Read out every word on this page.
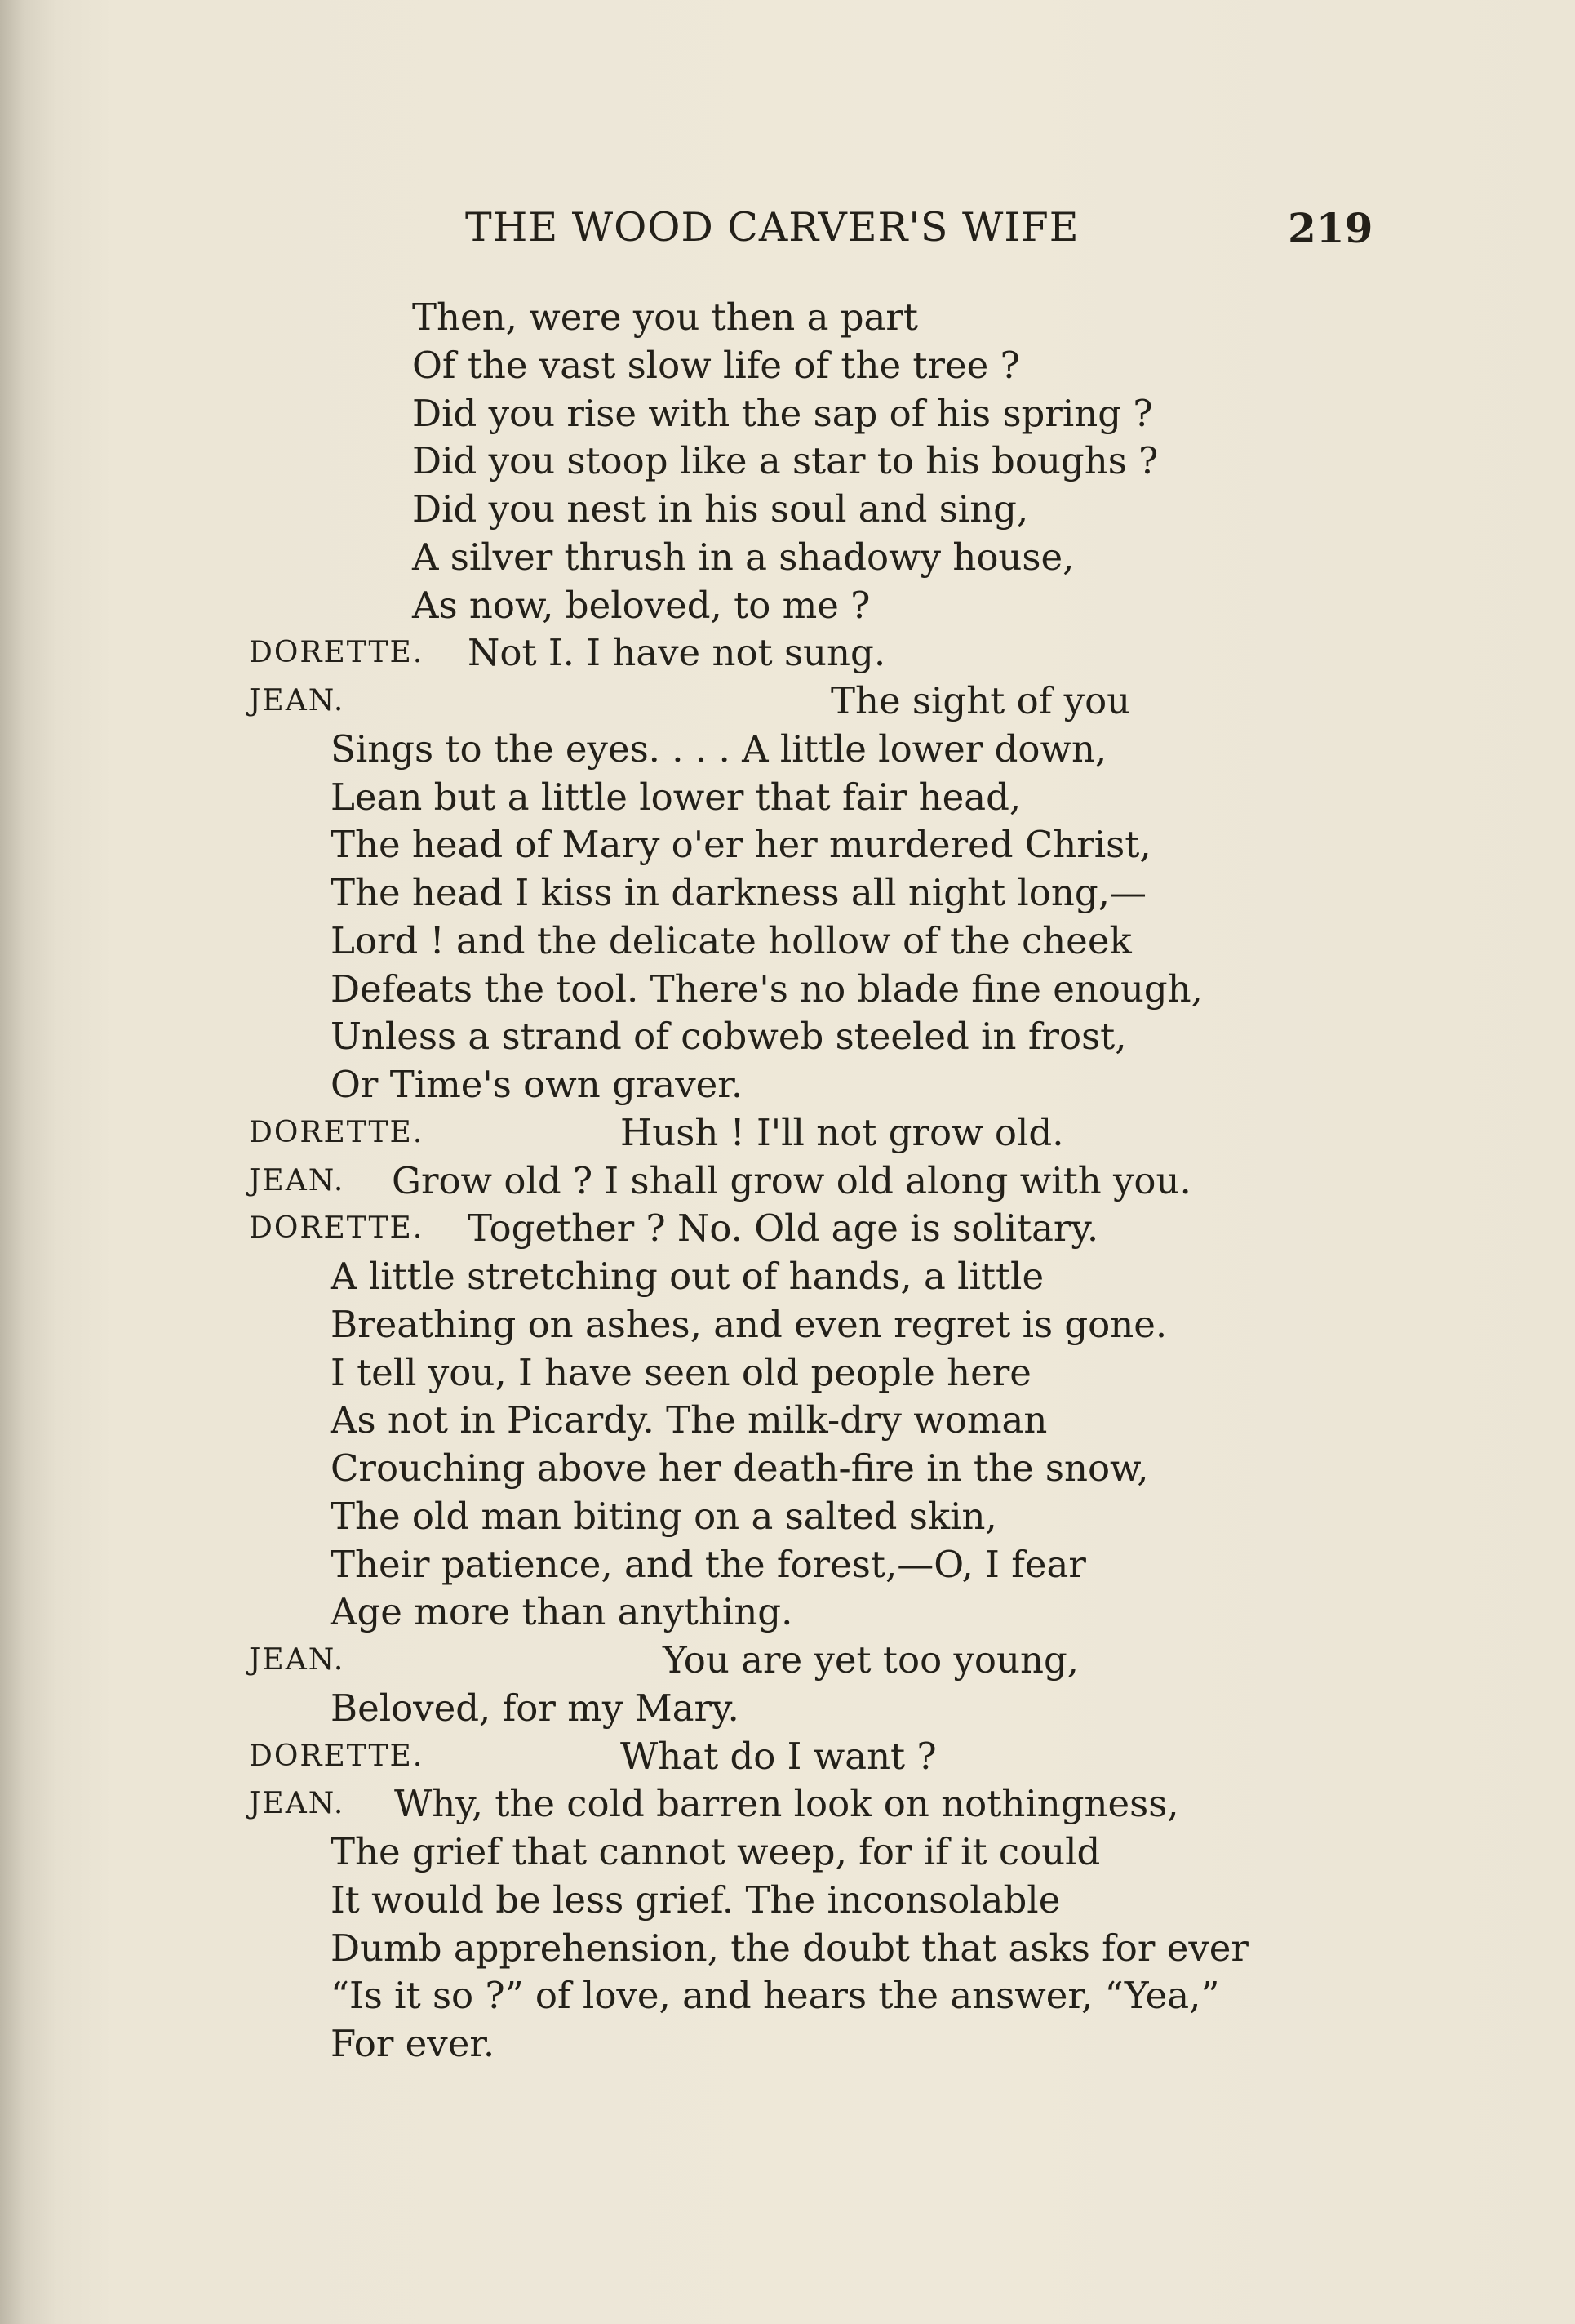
THE WOOD CARVER'S WIFE	219
Then, were you then a part
Of the vast slow life of the tree ?
Did you rise with the sap of his spring ?
Did you stoop like a star to his boughs ?
Did you nest in his soul and sing,
A silver thrush in a shadowy house,
As now, beloved, to me ?
DORETTE. Not I. I have not sung.
JEAN.	The sight of you
Sings to the eyes. . . . A little lower down,
Lean but a little lower that fair head,
The head of Mary o'er her murdered Christ,
The head I kiss in darkness all night long,—
Lord ! and the delicate hollow of the cheek
Defeats the tool. There's no blade fine enough,
Unless a strand of cobweb steeled in frost,
Or Time's own graver.
DORETTE.	Hush ! I'll not grow old.
JEAN. Grow old ? I shall grow old along with you.
DORETTE. Together ? No. Old age is solitary.
A little stretching out of hands, a little
Breathing on ashes, and even regret is gone.
I tell you, I have seen old people here
As not in Picardy. The milk-dry woman
Crouching above her death-fire in the snow,
The old man biting on a salted skin,
Their patience, and the forest,—O, I fear
Age more than anything.
JEAN.	You are yet too young,
Beloved, for my Mary.
DORETTE.	What do I want ?
JEAN. Why, the cold barren look on nothingness,
The grief that cannot weep, for if it could
It would be less grief. The inconsolable
Dumb apprehension, the doubt that asks for ever
“Is it so ?” of love, and hears the answer, “Yea,”
For ever.
